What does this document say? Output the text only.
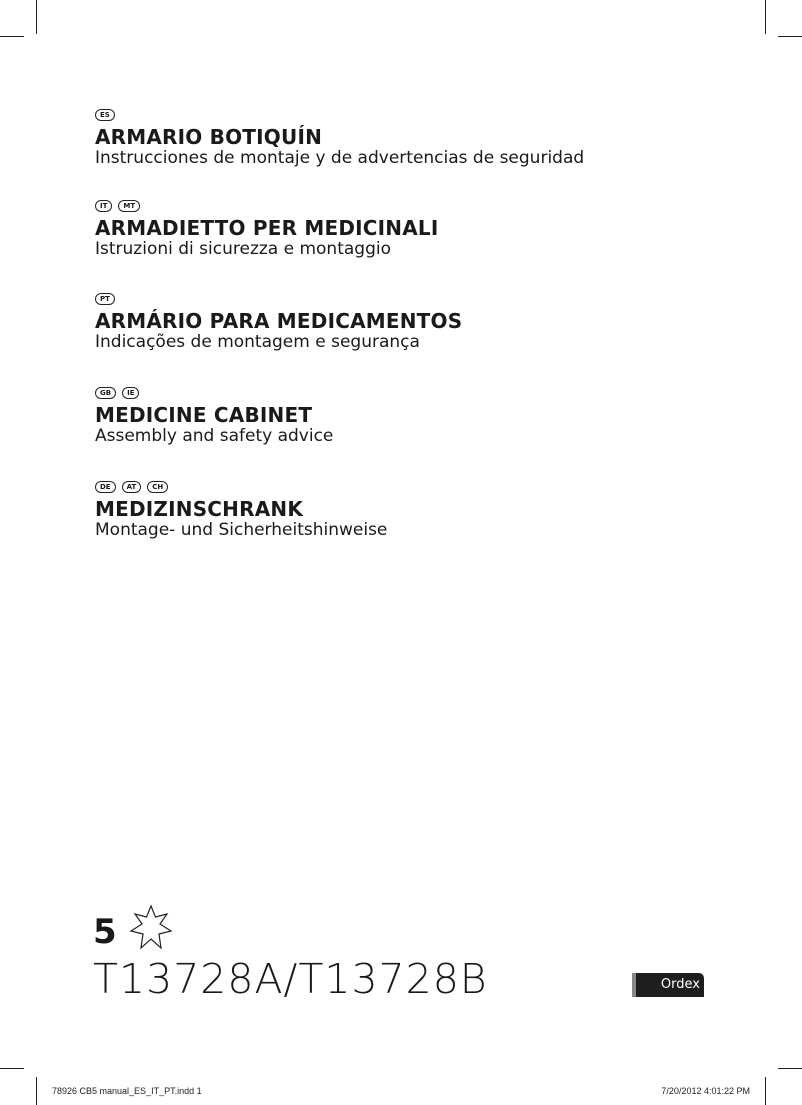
ES
ARMARIO BOTIQUÍN
Instrucciones de montaje y de advertencias de seguridad
IT	MT
ARMADIETTO PER MEDICINALI
Istruzioni di sicurezza e montaggio
PT
ARMÁRIO PARA MEDICAMENTOS
Indicações de montagem e segurança
GB	IE
MEDICINE CABINET
Assembly and safety advice
DE	AT	CH
MEDIZINSCHRANK
Montage- und Sicherheitshinweise
5
T13728A/T13728B	Ordex
78926 CB5 manual_ES_IT_PT.indd 1	7/20/2012 4:01:22 PM
